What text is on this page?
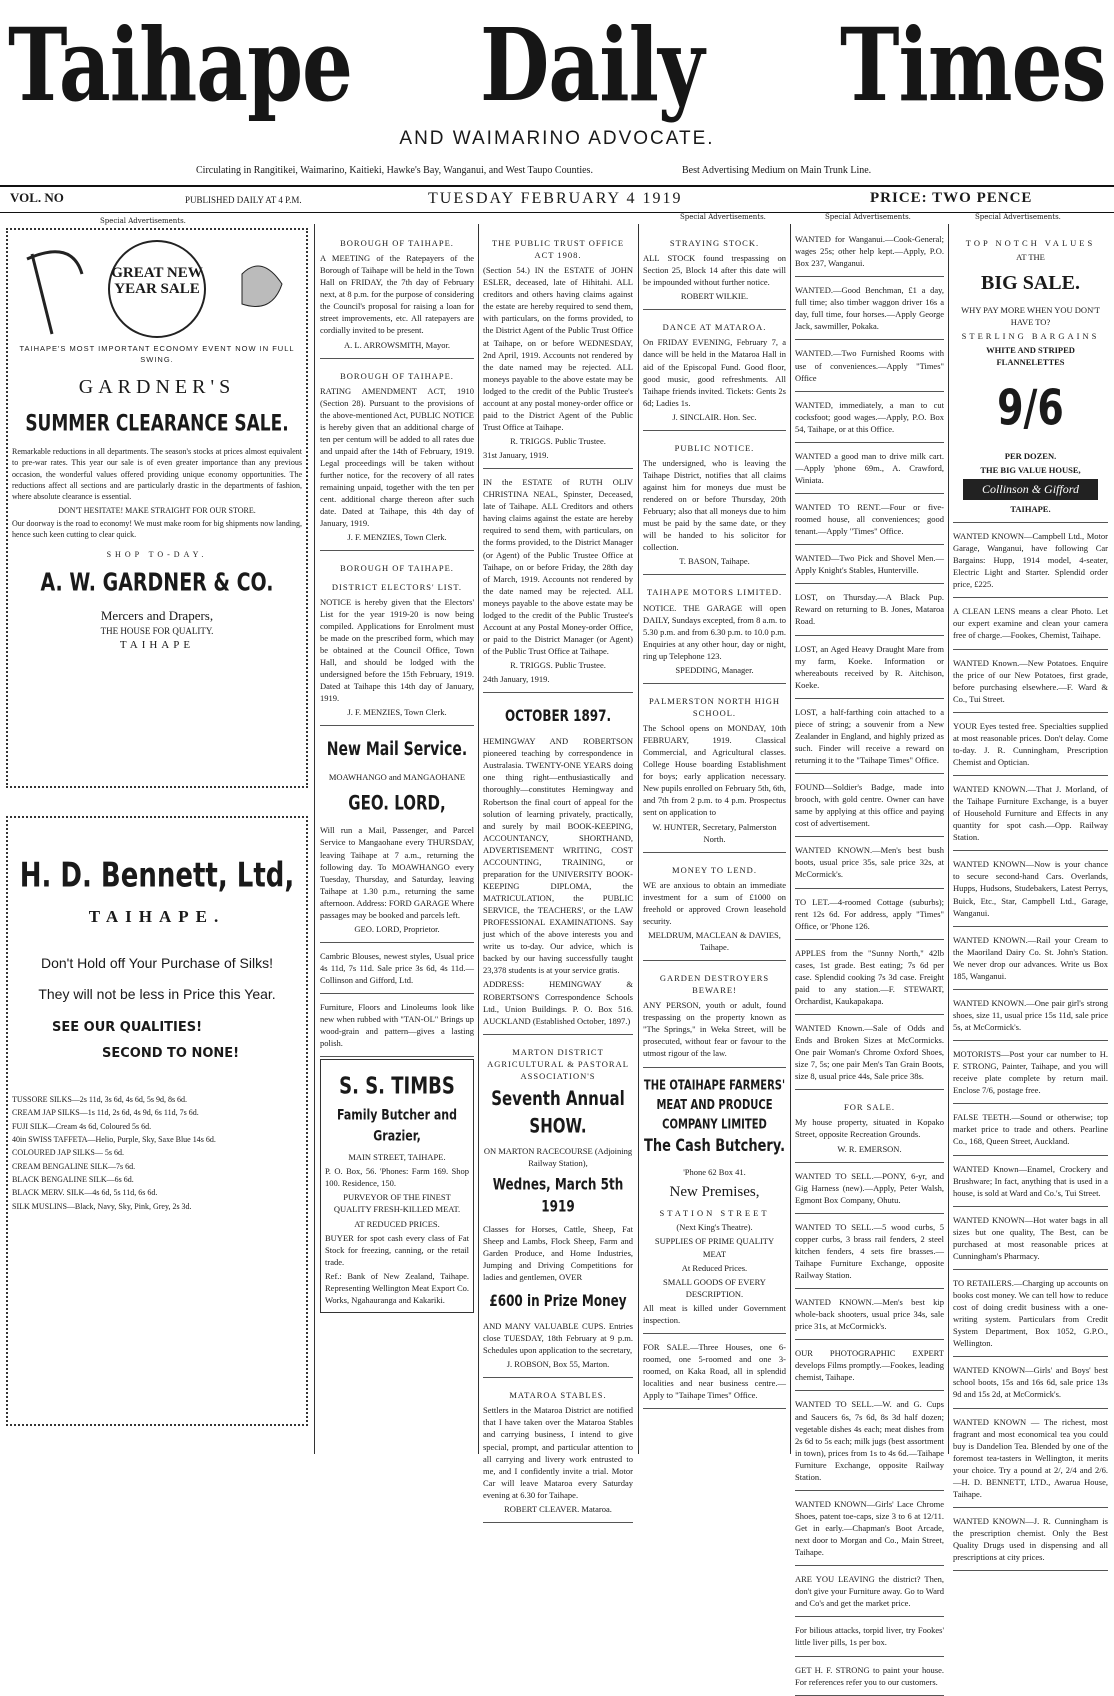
Taihape Daily Times
AND WAIMARINO ADVOCATE.
Circulating in Rangitikei, Waimarino, Kaitieki, Hawke's Bay, Wanganui, and West Taupo Counties.	Best Advertising Medium on Main Trunk Line.
VOL. NO	PUBLISHED DAILY AT 4 P.M.	TUESDAY FEBRUARY 4 1919	PRICE: TWO PENCE
Special Advertisements.	Special Advertisements.	Special Advertisements.	Special Advertisements.
GREAT NEW YEAR SALE
TAIHAPE'S MOST IMPORTANT ECONOMY EVENT NOW IN FULL SWING.
GARDNER'S
SUMMER CLEARANCE SALE.

Remarkable reductions in all departments. The season's stocks at prices almost equivalent to pre-war rates. This year our sale is of even greater importance than any previous occasion, the wonderful values offered providing unique economy opportunities. The reductions affect all sections and are particularly drastic in the departments of fashion, where absolute clearance is essential.

DON'T HESITATE! MAKE STRAIGHT FOR OUR STORE.

Our doorway is the road to economy! We must make room for big shipments now landing, hence such keen cutting to clear quick.

SHOP TO-DAY.
A. W. GARDNER & CO.
Mercers and Drapers,
THE HOUSE FOR QUALITY.
TAIHAPE
H. D. Bennett, Ltd,
TAIHAPE.
Don't Hold off Your Purchase of Silks!
They will not be less in Price this Year.
SEE OUR QUALITIES!
SECOND TO NONE!

TUSSORE SILKS—2s 11d, 3s 6d, 4s 6d, 5s 9d, 8s 6d.

CREAM JAP SILKS—1s 11d, 2s 6d, 4s 9d, 6s 11d, 7s 6d.

FUJI SILK—Cream 4s 6d, Coloured 5s 6d.

40in SWISS TAFFETA—Helio, Purple, Sky, Saxe Blue 14s 6d.

COLOURED JAP SILKS— 5s 6d.

CREAM BENGALINE SILK—7s 6d.

BLACK BENGALINE SILK—6s 6d.

BLACK MERV. SILK—4s 6d, 5s 11d, 6s 6d.

SILK MUSLINS—Black, Navy, Sky, Pink, Grey, 2s 3d.

BOROUGH OF TAIHAPE.

A MEETING of the Ratepayers of the Borough of Taihape will be held in the Town Hall on FRIDAY, the 7th day of February next, at 8 p.m. for the purpose of considering the Council's proposal for raising a loan for street improvements, etc. All ratepayers are cordially invited to be present.

A. L. ARROWSMITH, Mayor.

BOROUGH OF TAIHAPE.

RATING AMENDMENT ACT, 1910 (Section 28). Pursuant to the provisions of the above-mentioned Act, PUBLIC NOTICE is hereby given that an additional charge of ten per centum will be added to all rates due and unpaid after the 14th of February, 1919. Legal proceedings will be taken without further notice, for the recovery of all rates remaining unpaid, together with the ten per cent. additional charge thereon after such date. Dated at Taihape, this 4th day of January, 1919.

J. F. MENZIES, Town Clerk.

BOROUGH OF TAIHAPE.
DISTRICT ELECTORS' LIST.

NOTICE is hereby given that the Electors' List for the year 1919-20 is now being compiled. Applications for Enrolment must be made on the prescribed form, which may be obtained at the Council Office, Town Hall, and should be lodged with the undersigned before the 15th February, 1919. Dated at Taihape this 14th day of January, 1919.

J. F. MENZIES, Town Clerk.

New Mail Service.

MOAWHANGO and MANGAOHANE

GEO. LORD,

Will run a Mail, Passenger, and Parcel Service to Mangaohane every THURSDAY, leaving Taihape at 7 a.m., returning the following day. To MOAWHANGO every Tuesday, Thursday, and Saturday, leaving Taihape at 1.30 p.m., returning the same afternoon. Address: FORD GARAGE Where passages may be booked and parcels left.

GEO. LORD, Proprietor.

Cambric Blouses, newest styles, Usual price 4s 11d, 7s 11d. Sale price 3s 6d, 4s 11d.—Collinson and Gifford, Ltd.

Furniture, Floors and Linoleums look like new when rubbed with "TAN-OL" Brings up wood-grain and pattern—gives a lasting polish.

S. S. TIMBS
Family Butcher and Grazier,

MAIN STREET, TAIHAPE.

P. O. Box, 56. 'Phones: Farm 169. Shop 100. Residence, 150.

PURVEYOR OF THE FINEST QUALITY FRESH-KILLED MEAT.

AT REDUCED PRICES.

BUYER for spot cash every class of Fat Stock for freezing, canning, or the retail trade.

Ref.: Bank of New Zealand, Taihape. Representing Wellington Meat Export Co. Works, Ngahauranga and Kakariki.

THE PUBLIC TRUST OFFICE ACT 1908.

(Section 54.) IN the ESTATE of JOHN ESLER, deceased, late of Hihitahi. ALL creditors and others having claims against the estate are hereby required to send them, with particulars, on the forms provided, to the District Agent of the Public Trust Office at Taihape, on or before WEDNESDAY, 2nd April, 1919. Accounts not rendered by the date named may be rejected. ALL moneys payable to the above estate may be lodged to the credit of the Public Trustee's account at any postal money-order office or paid to the District Agent of the Public Trust Office at Taihape.

R. TRIGGS. Public Trustee.

31st January, 1919.

IN the ESTATE of RUTH OLIV CHRISTINA NEAL, Spinster, Deceased, late of Taihape. ALL Creditors and others having claims against the estate are hereby required to send them, with particulars, on the forms provided, to the District Manager (or Agent) of the Public Trustee Office at Taihape, on or before Friday, the 28th day of March, 1919. Accounts not rendered by the date named may be rejected. ALL moneys payable to the above estate may be lodged to the credit of the Public Trustee's Account at any Postal Money-order Office, or paid to the District Manager (or Agent) of the Public Trust Office at Taihape.

R. TRIGGS. Public Trustee.

24th January, 1919.

OCTOBER 1897.

HEMINGWAY AND ROBERTSON pioneered teaching by correspondence in Australasia. TWENTY-ONE YEARS doing one thing right—enthusiastically and thoroughly—constitutes Hemingway and Robertson the final court of appeal for the solution of learning privately, practically, and surely by mail BOOK-KEEPING, ACCOUNTANCY, SHORTHAND, ADVERTISEMENT WRITING, COST ACCOUNTING, TRAINING, or preparation for the UNIVERSITY BOOK-KEEPING DIPLOMA, the MATRICULATION, the PUBLIC SERVICE, the TEACHERS', or the LAW PROFESSIONAL EXAMINATIONS. Say just which of the above interests you and write us to-day. Our advice, which is backed by our having successfully taught 23,378 students is at your service gratis.

ADDRESS: HEMINGWAY & ROBERTSON'S Correspondence Schools Ltd., Union Buildings. P. O. Box 516. AUCKLAND (Established October, 1897.)

MARTON DISTRICT AGRICULTURAL & PASTORAL ASSOCIATION'S
Seventh Annual SHOW.

ON MARTON RACECOURSE (Adjoining Railway Station),

Wednes, March 5th 1919

Classes for Horses, Cattle, Sheep, Fat Sheep and Lambs, Flock Sheep, Farm and Garden Produce, and Home Industries, Jumping and Driving Competitions for ladies and gentlemen, OVER

£600 in Prize Money

AND MANY VALUABLE CUPS. Entries close TUESDAY, 18th February at 9 p.m. Schedules upon application to the secretary,

J. ROBSON, Box 55, Marton.

MATAROA STABLES.

Settlers in the Mataroa District are notified that I have taken over the Mataroa Stables and carrying business, I intend to give special, prompt, and particular attention to all carrying and livery work entrusted to me, and I confidently invite a trial. Motor Car will leave Mataroa every Saturday evening at 6.30 for Taihape.

ROBERT CLEAVER. Mataroa.

STRAYING STOCK.

ALL STOCK found trespassing on Section 25, Block 14 after this date will be impounded without further notice.

ROBERT WILKIE.

DANCE AT MATAROA.

On FRIDAY EVENING, February 7, a dance will be held in the Mataroa Hall in aid of the Episcopal Fund. Good floor, good music, good refreshments. All Taihape friends invited. Tickets: Gents 2s 6d; Ladies 1s.

J. SINCLAIR. Hon. Sec.

PUBLIC NOTICE.

The undersigned, who is leaving the Taihape District, notifies that all claims against him for moneys due must be rendered on or before Thursday, 20th February; also that all moneys due to him must be paid by the same date, or they will be handed to his solicitor for collection.

T. BASON, Taihape.

TAIHAPE MOTORS LIMITED.

NOTICE. THE GARAGE will open DAILY, Sundays excepted, from 8 a.m. to 5.30 p.m. and from 6.30 p.m. to 10.0 p.m. Enquiries at any other hour, day or night, ring up Telephone 123.

SPEDDING, Manager.

PALMERSTON NORTH HIGH SCHOOL.

The School opens on MONDAY, 10th FEBRUARY, 1919. Classical Commercial, and Agricultural classes. College House boarding Establishment for boys; early application necessary. New pupils enrolled on February 5th, 6th, and 7th from 2 p.m. to 4 p.m. Prospectus sent on application to

W. HUNTER, Secretary, Palmerston North.

MONEY TO LEND.

WE are anxious to obtain an immediate investment for a sum of £1000 on freehold or approved Crown leasehold security.

MELDRUM, MACLEAN & DAVIES, Taihape.

GARDEN DESTROYERS BEWARE!

ANY PERSON, youth or adult, found trespassing on the property known as "The Springs," in Weka Street, will be prosecuted, without fear or favour to the utmost rigour of the law.

THE OTAIHAPE FARMERS' MEAT AND PRODUCE COMPANY LIMITED
The Cash Butchery.

'Phone 62 Box 41.

New Premises,

STATION STREET

(Next King's Theatre).

SUPPLIES OF PRIME QUALITY MEAT

At Reduced Prices.

SMALL GOODS OF EVERY DESCRIPTION.

All meat is killed under Government inspection.

FOR SALE.—Three Houses, one 6-roomed, one 5-roomed and one 3-roomed, on Kaka Road, all in splendid localities and near business centre.—Apply to "Taihape Times" Office.

WANTED for Wanganui.—Cook-General; wages 25s; other help kept.—Apply, P.O. Box 237, Wanganui.

WANTED.—Good Benchman, £1 a day, full time; also timber waggon driver 16s a day, full time, four horses.—Apply George Jack, sawmiller, Pokaka.

WANTED.—Two Furnished Rooms with use of conveniences.—Apply "Times" Office

WANTED, immediately, a man to cut cocksfoot; good wages.—Apply, P.O. Box 54, Taihape, or at this Office.

WANTED a good man to drive milk cart.—Apply 'phone 69m., A. Crawford, Winiata.

WANTED TO RENT.—Four or five-roomed house, all conveniences; good tenant.—Apply "Times" Office.

WANTED—Two Pick and Shovel Men.—Apply Knight's Stables, Hunterville.

LOST, on Thursday.—A Black Pup. Reward on returning to B. Jones, Mataroa Road.

LOST, an Aged Heavy Draught Mare from my farm, Koeke. Information or whereabouts received by R. Aitchison, Koeke.

LOST, a half-farthing coin attached to a piece of string; a souvenir from a New Zealander in England, and highly prized as such. Finder will receive a reward on returning it to the "Taihape Times" Office.

FOUND—Soldier's Badge, made into brooch, with gold centre. Owner can have same by applying at this office and paying cost of advertisement.

WANTED KNOWN.—Men's best bush boots, usual price 35s, sale price 32s, at McCormick's.

TO LET.—4-roomed Cottage (suburbs); rent 12s 6d. For address, apply "Times" Office, or 'Phone 126.

APPLES from the "Sunny North," 42lb cases, 1st grade. Best eating; 7s 6d per case. Splendid cooking 7s 3d case. Freight paid to any station.—F. STEWART, Orchardist, Kaukapakapa.

WANTED Known.—Sale of Odds and Ends and Broken Sizes at McCormicks. One pair Woman's Chrome Oxford Shoes, size 7, 5s; one pair Men's Tan Grain Boots, size 8, usual price 44s, Sale price 38s.

FOR SALE.

My house property, situated in Kopako Street, opposite Recreation Grounds.

W. R. EMERSON.

WANTED TO SELL.—PONY, 6-yr, and Gig Harness (new).—Apply, Peter Walsh, Egmont Box Company, Ohutu.

WANTED TO SELL.—5 wood curbs, 5 copper curbs, 3 brass rail fenders, 2 steel kitchen fenders, 4 sets fire brasses.—Taihape Furniture Exchange, opposite Railway Station.

WANTED KNOWN.—Men's best kip whole-back shooters, usual price 34s, sale price 31s, at McCormick's.

OUR PHOTOGRAPHIC EXPERT develops Films promptly.—Fookes, leading chemist, Taihape.

WANTED TO SELL.—W. and G. Cups and Saucers 6s, 7s 6d, 8s 3d half dozen; vegetable dishes 4s each; meat dishes from 2s 6d to 5s each; milk jugs (best assortment in town), prices from 1s to 4s 6d.—Taihape Furniture Exchange, opposite Railway Station.

WANTED KNOWN—Girls' Lace Chrome Shoes, patent toe-caps, size 3 to 6 at 12/11. Get in early.—Chapman's Boot Arcade, next door to Morgan and Co., Main Street, Taihape.

ARE YOU LEAVING the district? Then, don't give your Furniture away. Go to Ward and Co's and get the market price.

For bilious attacks, torpid liver, try Fookes' little liver pills, 1s per box.

GET H. F. STRONG to paint your house. For references refer you to our customers.

TOP NOTCH VALUES

AT THE

BIG SALE.

WHY PAY MORE WHEN YOU DON'T HAVE TO?

STERLING BARGAINS

WHITE AND STRIPED FLANNELETTES

9/6

PER DOZEN.

THE BIG VALUE HOUSE,

Collinson & Gifford

TAIHAPE.

WANTED KNOWN—Campbell Ltd., Motor Garage, Wanganui, have following Car Bargains: Hupp, 1914 model, 4-seater, Electric Light and Starter. Splendid order price, £225.

A CLEAN LENS means a clear Photo. Let our expert examine and clean your camera free of charge.—Fookes, Chemist, Taihape.

WANTED Known.—New Potatoes. Enquire the price of our New Potatoes, first grade, before purchasing elsewhere.—F. Ward & Co., Tui Street.

YOUR Eyes tested free. Specialties supplied at most reasonable prices. Don't delay. Come to-day. J. R. Cunningham, Prescription Chemist and Optician.

WANTED KNOWN.—That J. Morland, of the Taihape Furniture Exchange, is a buyer of Household Furniture and Effects in any quantity for spot cash.—Opp. Railway Station.

WANTED KNOWN—Now is your chance to secure second-hand Cars. Overlands, Hupps, Hudsons, Studebakers, Latest Perrys, Buick, Etc., Star, Campbell Ltd., Garage, Wanganui.

WANTED KNOWN.—Rail your Cream to the Maoriland Dairy Co. St. John's Station. We never drop our advances. Write us Box 185, Wanganui.

WANTED KNOWN.—One pair girl's strong shoes, size 11, usual price 15s 11d, sale price 5s, at McCormick's.

MOTORISTS—Post your car number to H. F. STRONG, Painter, Taihape, and you will receive plate complete by return mail. Enclose 7/6, postage free.

FALSE TEETH.—Sound or otherwise; top market price to trade and others. Pearline Co., 168, Queen Street, Auckland.

WANTED Known—Enamel, Crockery and Brushware; In fact, anything that is used in a house, is sold at Ward and Co.'s, Tui Street.

WANTED KNOWN—Hot water bags in all sizes but one quality, The Best, can be purchased at most reasonable prices at Cunningham's Pharmacy.

TO RETAILERS.—Charging up accounts on books cost money. We can tell how to reduce cost of doing credit business with a one-writing system. Particulars from Credit System Department, Box 1052, G.P.O., Wellington.

WANTED KNOWN—Girls' and Boys' best school boots, 15s and 16s 6d, sale price 13s 9d and 15s 2d, at McCormick's.

WANTED KNOWN — The richest, most fragrant and most economical tea you could buy is Dandelion Tea. Blended by one of the foremost tea-tasters in Wellington, it merits your choice. Try a pound at 2/, 2/4 and 2/6.—H. D. BENNETT, LTD., Awarua House, Taihape.

WANTED KNOWN—J. R. Cunningham is the prescription chemist. Only the Best Quality Drugs used in dispensing and all prescriptions at city prices.
